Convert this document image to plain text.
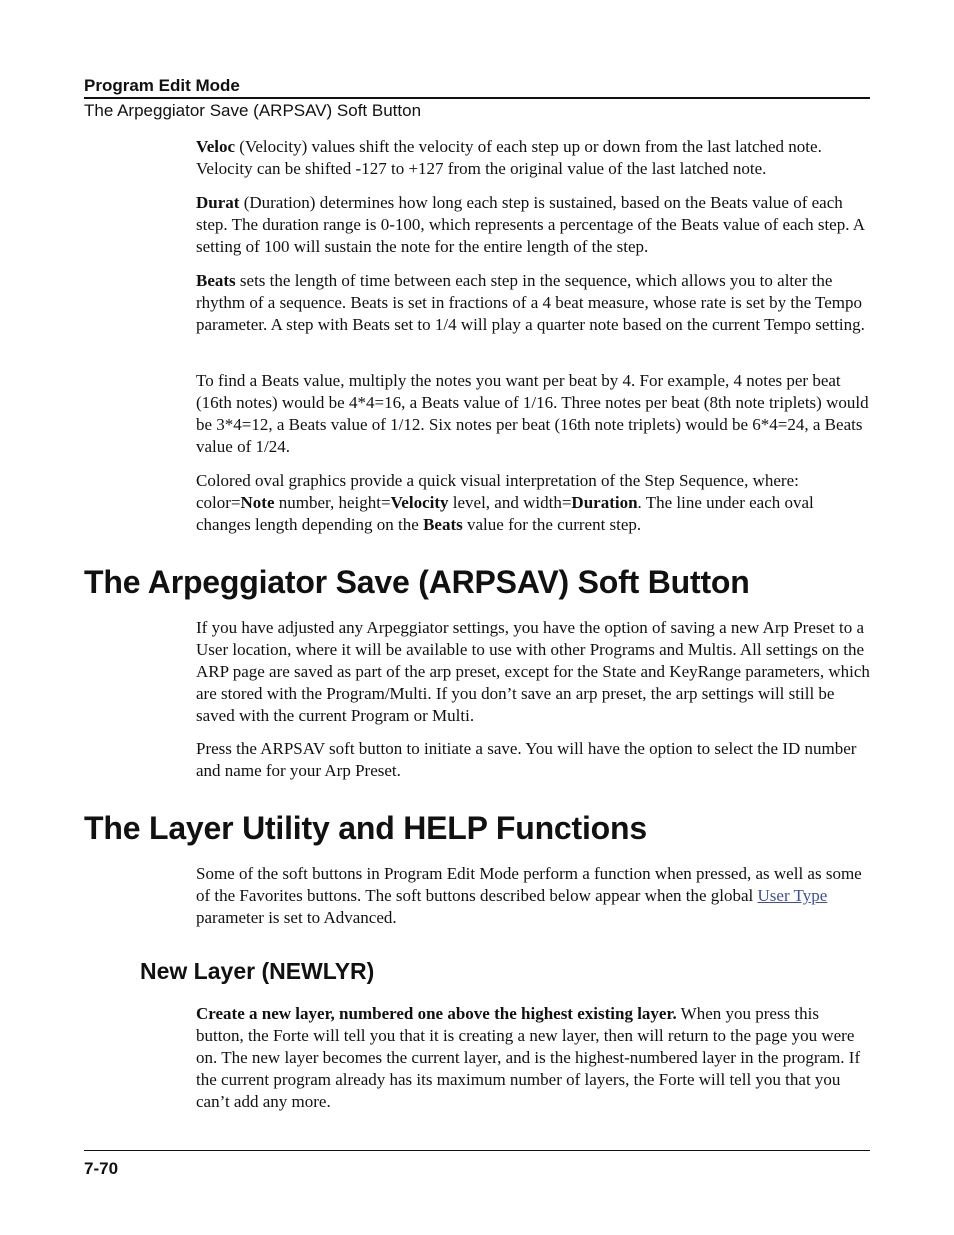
Program Edit Mode
The Arpeggiator Save (ARPSAV) Soft Button

Veloc (Velocity) values shift the velocity of each step up or down from the last latched note. Velocity can be shifted -127 to +127 from the original value of the last latched note.

Durat (Duration) determines how long each step is sustained, based on the Beats value of each step. The duration range is 0-100, which represents a percentage of the Beats value of each step. A setting of 100 will sustain the note for the entire length of the step.

Beats sets the length of time between each step in the sequence, which allows you to alter the rhythm of a sequence. Beats is set in fractions of a 4 beat measure, whose rate is set by the Tempo parameter. A step with Beats set to 1/4 will play a quarter note based on the current Tempo setting.

To find a Beats value, multiply the notes you want per beat by 4. For example, 4 notes per beat (16th notes) would be 4*4=16, a Beats value of 1/16. Three notes per beat (8th note triplets) would be 3*4=12, a Beats value of 1/12. Six notes per beat (16th note triplets) would be 6*4=24, a Beats value of 1/24.

Colored oval graphics provide a quick visual interpretation of the Step Sequence, where: color=Note number, height=Velocity level, and width=Duration. The line under each oval changes length depending on the Beats value for the current step.

The Arpeggiator Save (ARPSAV) Soft Button

If you have adjusted any Arpeggiator settings, you have the option of saving a new Arp Preset to a User location, where it will be available to use with other Programs and Multis. All settings on the ARP page are saved as part of the arp preset, except for the State and KeyRange parameters, which are stored with the Program/Multi. If you don’t save an arp preset, the arp settings will still be saved with the current Program or Multi.

Press the ARPSAV soft button to initiate a save. You will have the option to select the ID number and name for your Arp Preset.

The Layer Utility and HELP Functions

Some of the soft buttons in Program Edit Mode perform a function when pressed, as well as some of the Favorites buttons. The soft buttons described below appear when the global User Type parameter is set to Advanced.

New Layer (NEWLYR)

Create a new layer, numbered one above the highest existing layer. When you press this button, the Forte will tell you that it is creating a new layer, then will return to the page you were on. The new layer becomes the current layer, and is the highest-numbered layer in the program. If the current program already has its maximum number of layers, the Forte will tell you that you can’t add any more.

7-70
